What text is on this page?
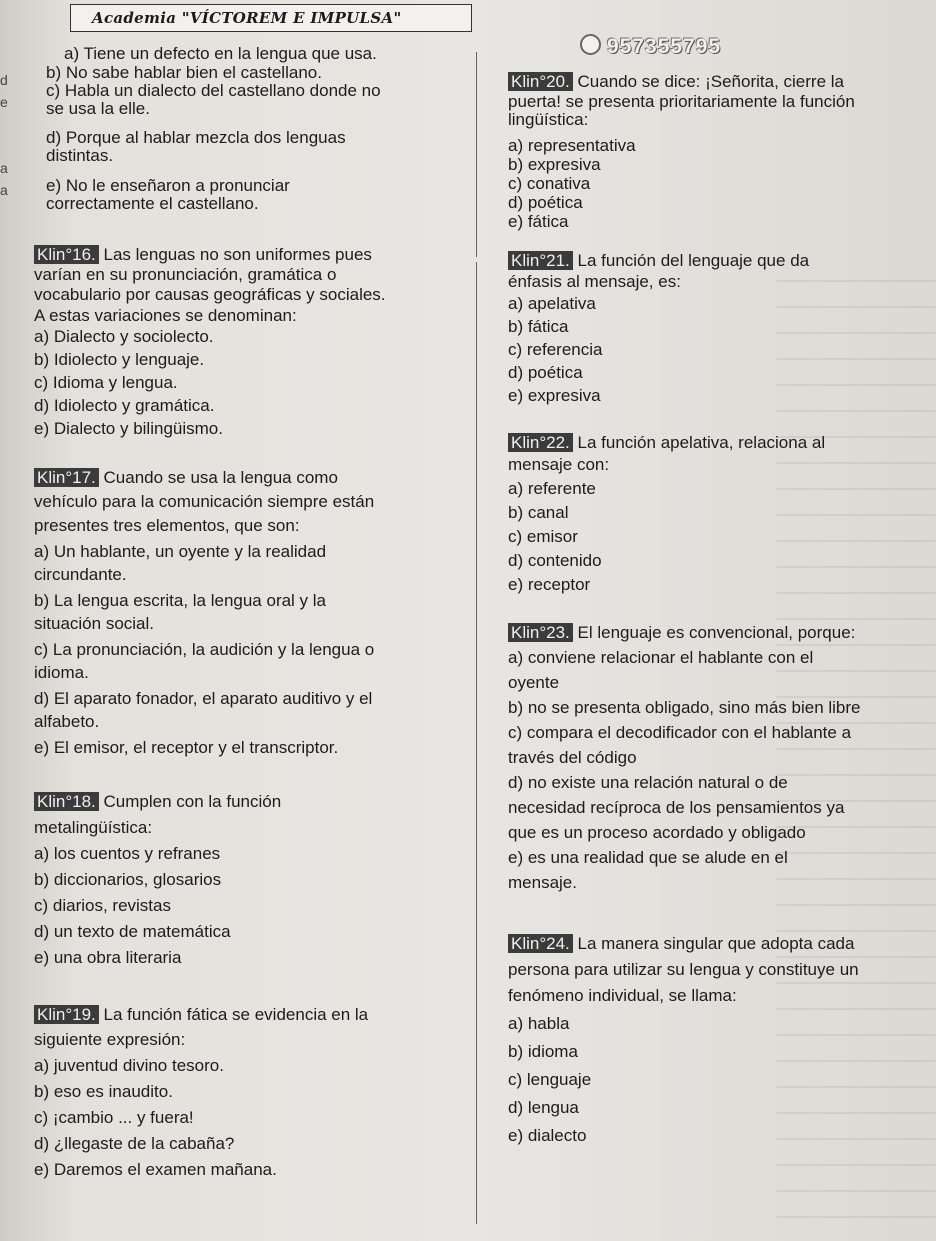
Academia "VÍCTOREM E IMPULSA"
957355795
d
e
a
a
a) Tiene un defecto en la lengua que usa.
b) No sabe hablar bien el castellano.
c) Habla un dialecto del castellano donde no
se usa la elle.
d) Porque al hablar mezcla dos lenguas
distintas.
e) No le enseñaron a pronunciar
correctamente el castellano.
Klin°16. Las lenguas no son uniformes pues
varían en su pronunciación, gramática o
vocabulario por causas geográficas y sociales.
A estas variaciones se denominan:
a) Dialecto y sociolecto.
b) Idiolecto y lenguaje.
c) Idioma y lengua.
d) Idiolecto y gramática.
e) Dialecto y bilingüismo.
Klin°17. Cuando se usa la lengua como
vehículo para la comunicación siempre están
presentes tres elementos, que son:
a) Un hablante, un oyente y la realidad
circundante.
b) La lengua escrita, la lengua oral y la
situación social.
c) La pronunciación, la audición y la lengua o
idioma.
d) El aparato fonador, el aparato auditivo y el
alfabeto.
e) El emisor, el receptor y el transcriptor.
Klin°18. Cumplen con la función
metalingüística:
a) los cuentos y refranes
b) diccionarios, glosarios
c) diarios, revistas
d) un texto de matemática
e) una obra literaria
Klin°19. La función fática se evidencia en la
siguiente expresión:
a) juventud divino tesoro.
b) eso es inaudito.
c) ¡cambio ... y fuera!
d) ¿llegaste de la cabaña?
e) Daremos el examen mañana.
Klin°20. Cuando se dice: ¡Señorita, cierre la
puerta! se presenta prioritariamente la función
lingüística:
a) representativa
b) expresiva
c) conativa
d) poética
e) fática
Klin°21. La función del lenguaje que da
énfasis al mensaje, es:
a) apelativa
b) fática
c) referencia
d) poética
e) expresiva
Klin°22. La función apelativa, relaciona al
mensaje con:
a) referente
b) canal
c) emisor
d) contenido
e) receptor
Klin°23. El lenguaje es convencional, porque:
a) conviene relacionar el hablante con el
oyente
b) no se presenta obligado, sino más bien libre
c) compara el decodificador con el hablante a
través del código
d) no existe una relación natural o de
necesidad recíproca de los pensamientos ya
que es un proceso acordado y obligado
e) es una realidad que se alude en el
mensaje.
Klin°24. La manera singular que adopta cada
persona para utilizar su lengua y constituye un
fenómeno individual, se llama:
a) habla
b) idioma
c) lenguaje
d) lengua
e) dialecto
